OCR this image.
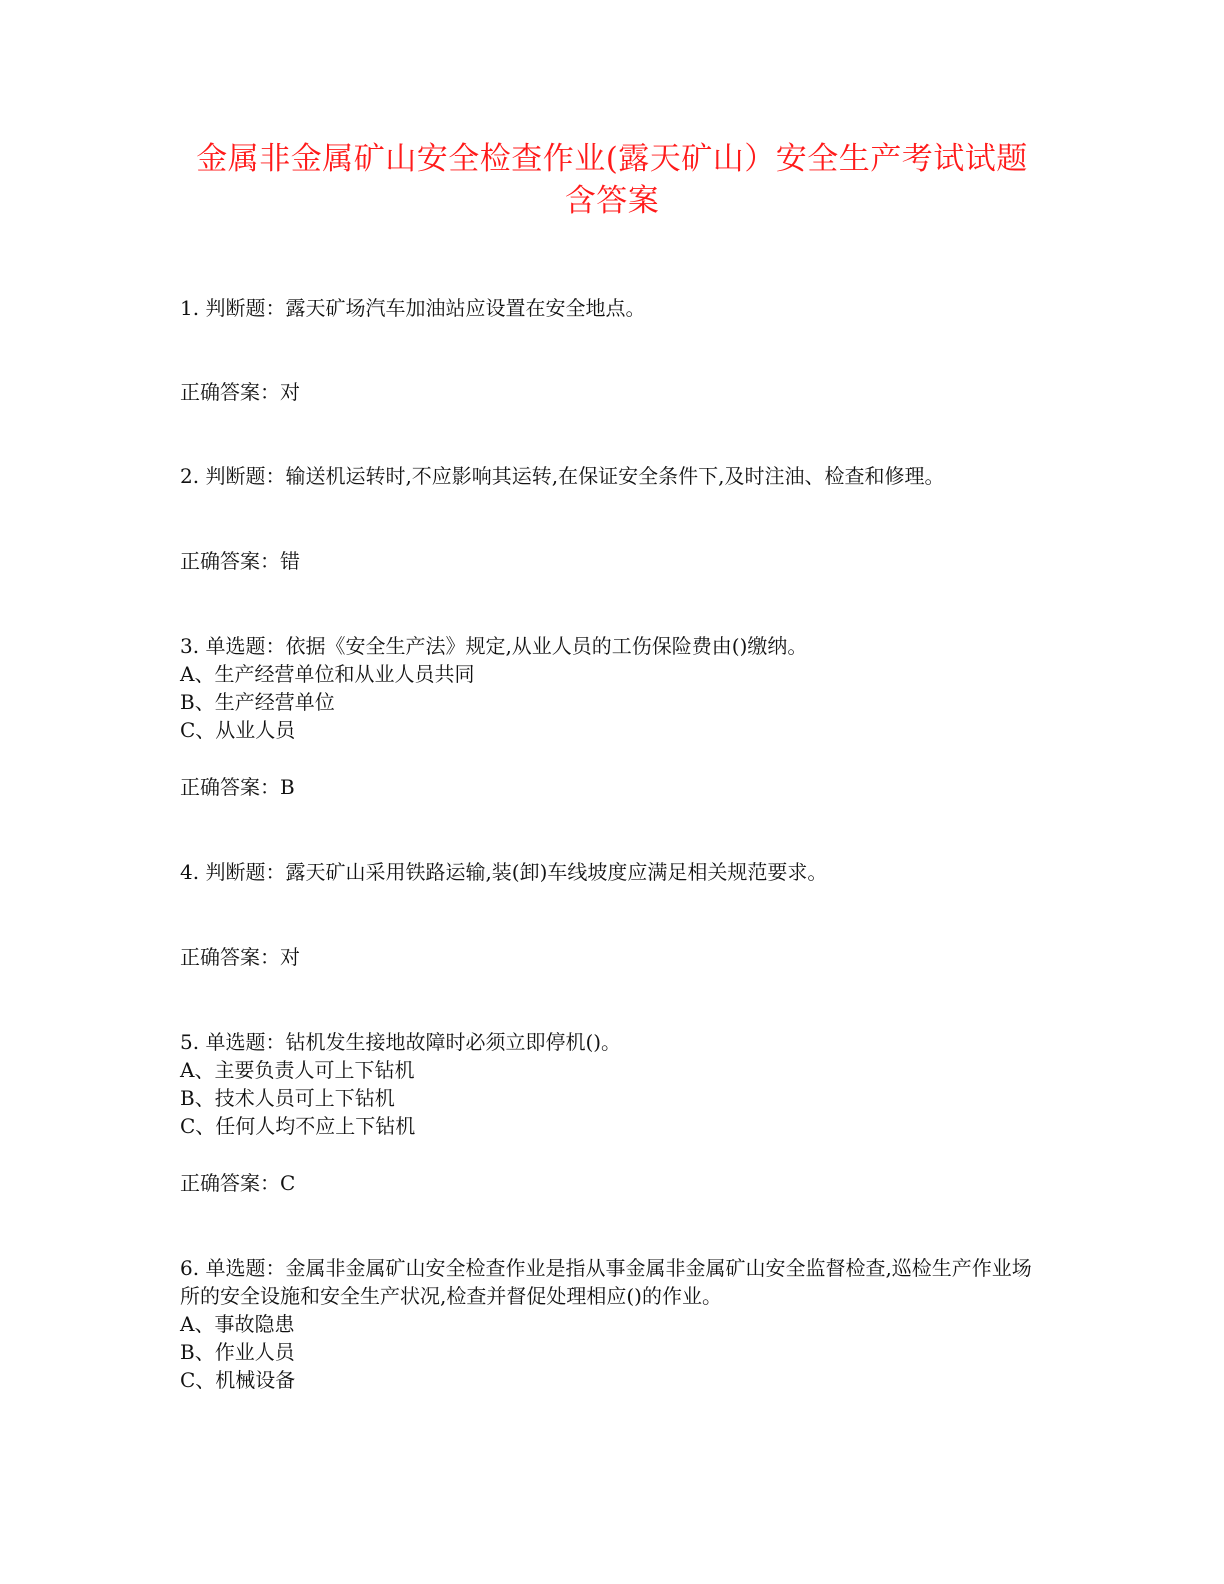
金属非金属矿山安全检查作业(露天矿山）安全生产考试试题
含答案
1. 判断题：露天矿场汽车加油站应设置在安全地点。
正确答案：对
2. 判断题：输送机运转时,不应影响其运转,在保证安全条件下,及时注油、检查和修理。
正确答案：错
3. 单选题：依据《安全生产法》规定,从业人员的工伤保险费由()缴纳。
A、生产经营单位和从业人员共同
B、生产经营单位
C、从业人员
正确答案：B
4. 判断题：露天矿山采用铁路运输,装(卸)车线坡度应满足相关规范要求。
正确答案：对
5. 单选题：钻机发生接地故障时必须立即停机()。
A、主要负责人可上下钻机
B、技术人员可上下钻机
C、任何人均不应上下钻机
正确答案：C
6. 单选题：金属非金属矿山安全检查作业是指从事金属非金属矿山安全监督检查,巡检生产作业场所的安全设施和安全生产状况,检查并督促处理相应()的作业。
A、事故隐患
B、作业人员
C、机械设备
